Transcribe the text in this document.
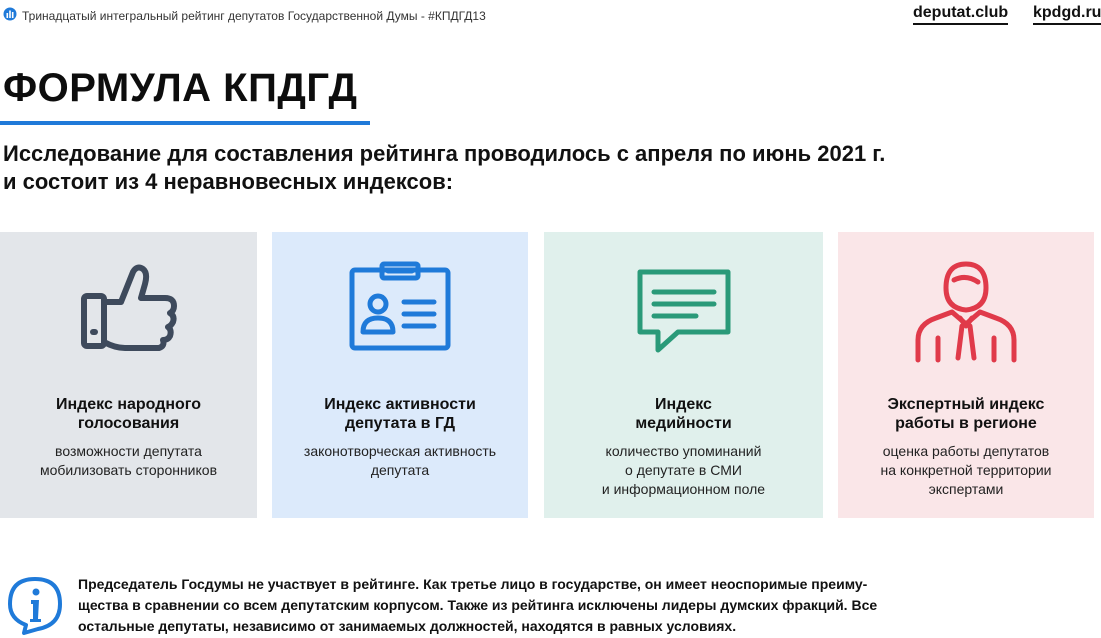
Тринадцатый интегральный рейтинг депутатов Государственной Думы - #КПДГД13	deputat.club kpdgd.ru
ФОРМУЛА КПДГД
Исследование для составления рейтинга проводилось с апреля по июнь 2021 г.
и состоит из 4 неравновесных индексов:
Индекс народного
голосования
возможности депутата
мобилизовать сторонников
Индекс активности
депутата в ГД
законотворческая активность
депутата
Индекс
медийности
количество упоминаний
о депутате в СМИ
и информационном поле
Экспертный индекс
работы в регионе
оценка работы депутатов
на конкретной территории
экспертами
Председатель Госдумы не участвует в рейтинге. Как третье лицо в государстве, он имеет неоспоримые преиму-
щества в сравнении со всем депутатским корпусом. Также из рейтинга исключены лидеры думских фракций. Все
остальные депутаты, независимо от занимаемых должностей, находятся в равных условиях.
